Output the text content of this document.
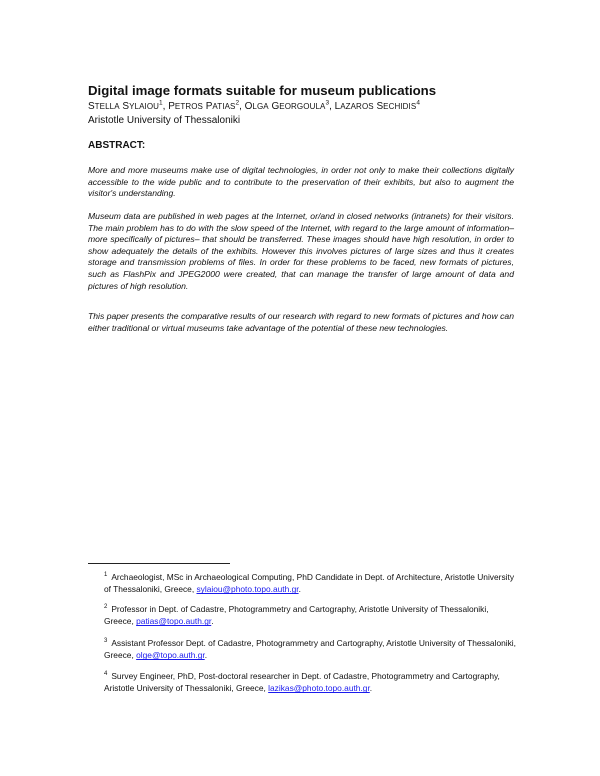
Digital image formats suitable for museum publications
STELLA SYLAIOU$^1$, PETROS PATIAS$^2$, OLGA GEORGOULA$^3$, LAZAROS SECHIDIS$^4$
Aristotle University of Thessaloniki
ABSTRACT:

More and more museums make use of digital technologies, in order not only to make their collections digitally accessible to the wide public and to contribute to the preservation of their exhibits, but also to augment the visitor's understanding.

Museum data are published in web pages at the Internet, or/and in closed networks (intranets) for their visitors. The main problem has to do with the slow speed of the Internet, with regard to the large amount of information–more specifically of pictures– that should be transferred. These images should have high resolution, in order to show adequately the details of the exhibits. However this involves pictures of large sizes and thus it creates storage and transmission problems of files. In order for these problems to be faced, new formats of pictures, such as FlashPix and JPEG2000 were created, that can manage the transfer of large amount of data and pictures of high resolution.

This paper presents the comparative results of our research with regard to new formats of pictures and how can either traditional or virtual museums take advantage of the potential of these new technologies.

$^1$ Archaeologist, MSc in Archaeological Computing, PhD Candidate in Dept. of Architecture, Aristotle University of Thessaloniki, Greece, sylaiou@photo.topo.auth.gr.

$^2$ Professor in Dept. of Cadastre, Photogrammetry and Cartography, Aristotle University of Thessaloniki, Greece, patias@topo.auth.gr.

$^3$ Assistant Professor Dept. of Cadastre, Photogrammetry and Cartography, Aristotle University of Thessaloniki, Greece, olge@topo.auth.gr.

$^4$ Survey Engineer, PhD, Post-doctoral researcher in Dept. of Cadastre, Photogrammetry and Cartography, Aristotle University of Thessaloniki, Greece, lazikas@photo.topo.auth.gr.
